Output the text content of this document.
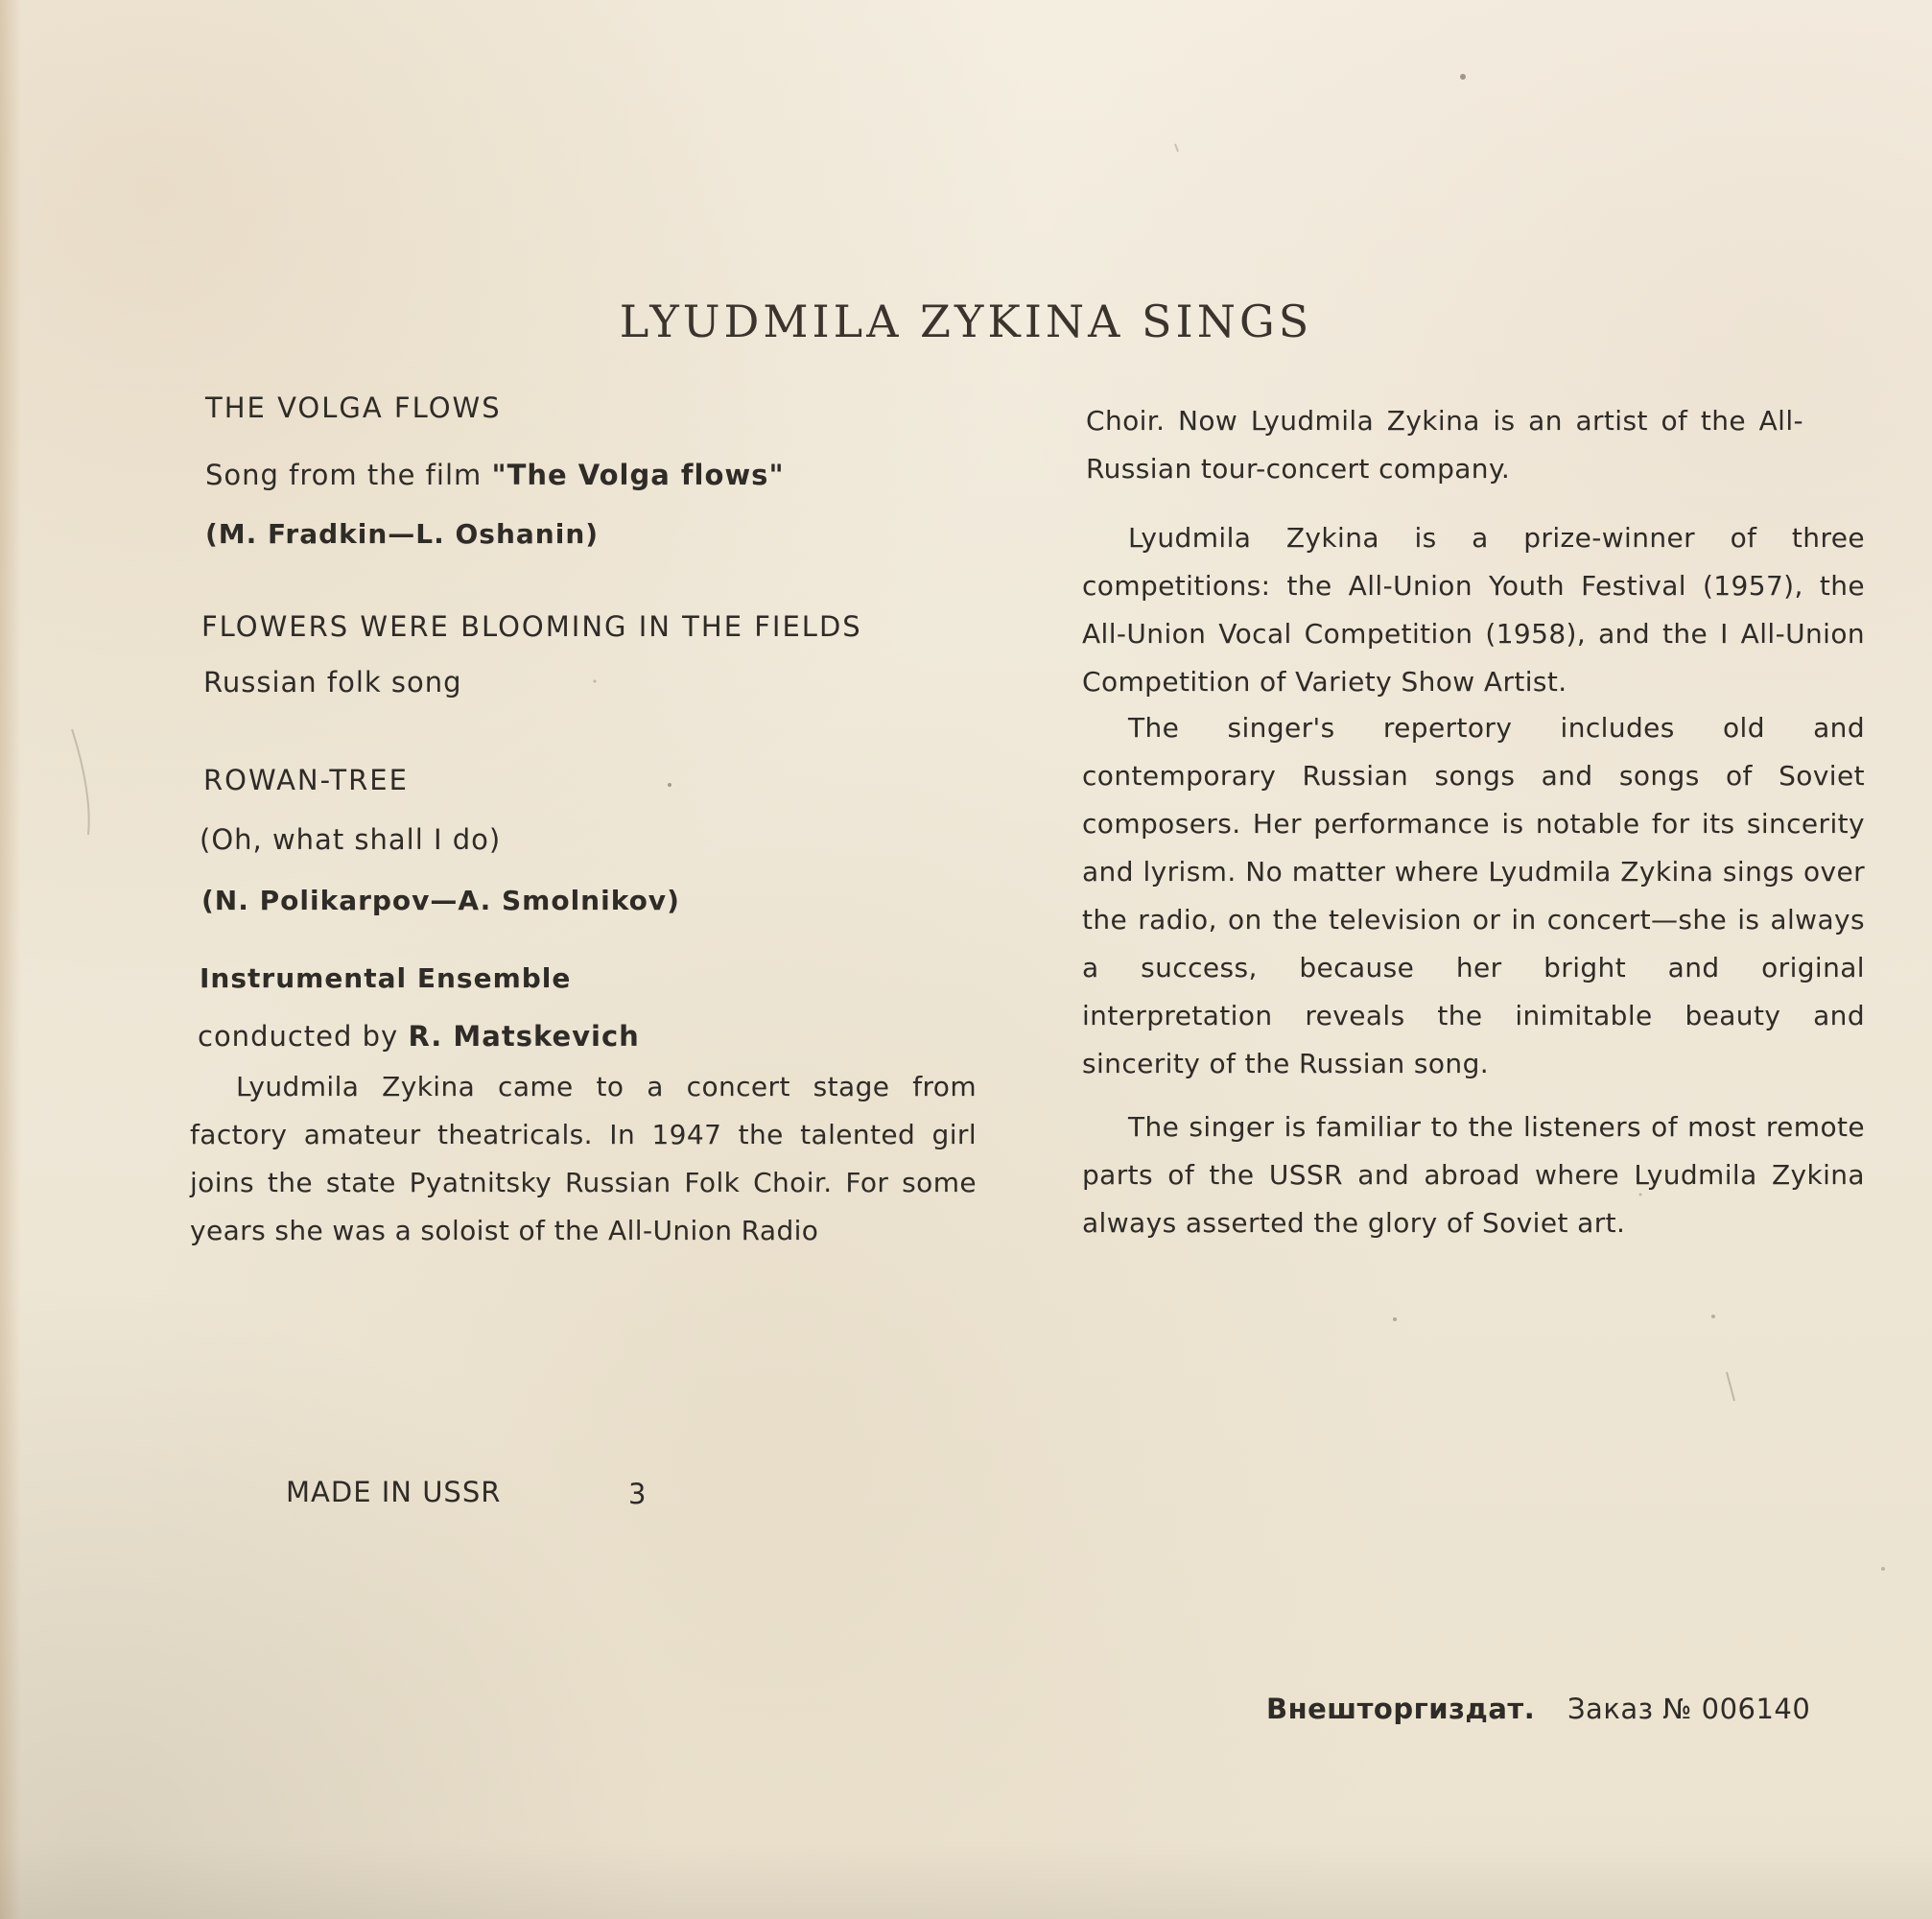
LYUDMILA ZYKINA SINGS
THE VOLGA FLOWS
Song from the film "The Volga flows"
(M. Fradkin—L. Oshanin)
FLOWERS WERE BLOOMING IN THE FIELDS
Russian folk song
ROWAN-TREE
(Oh, what shall I do)
(N. Polikarpov—A. Smolnikov)
Instrumental Ensemble
conducted by R. Matskevich

Lyudmila Zykina came to a concert stage from factory amateur theatricals. In 1947 the talented girl joins the state Pyatnitsky Russian Folk Choir. For some years she was a soloist of the All-Union Radio

Choir. Now Lyudmila Zykina is an artist of the All-Russian tour-concert company.

Lyudmila Zykina is a prize-winner of three competitions: the All-Union Youth Festival (1957), the All-Union Vocal Competition (1958), and the I All-Union Competition of Variety Show Artist.

The singer's repertory includes old and contemporary Russian songs and songs of Soviet composers. Her performance is notable for its sincerity and lyrism. No matter where Lyudmila Zykina sings over the radio, on the television or in concert—she is always a success, because her bright and original interpretation reveals the inimitable beauty and sincerity of the Russian song.

The singer is familiar to the listeners of most remote parts of the USSR and abroad where Lyudmila Zykina always asserted the glory of Soviet art.

MADE IN USSR	3
Внешторгиздат. Заказ № 006140
